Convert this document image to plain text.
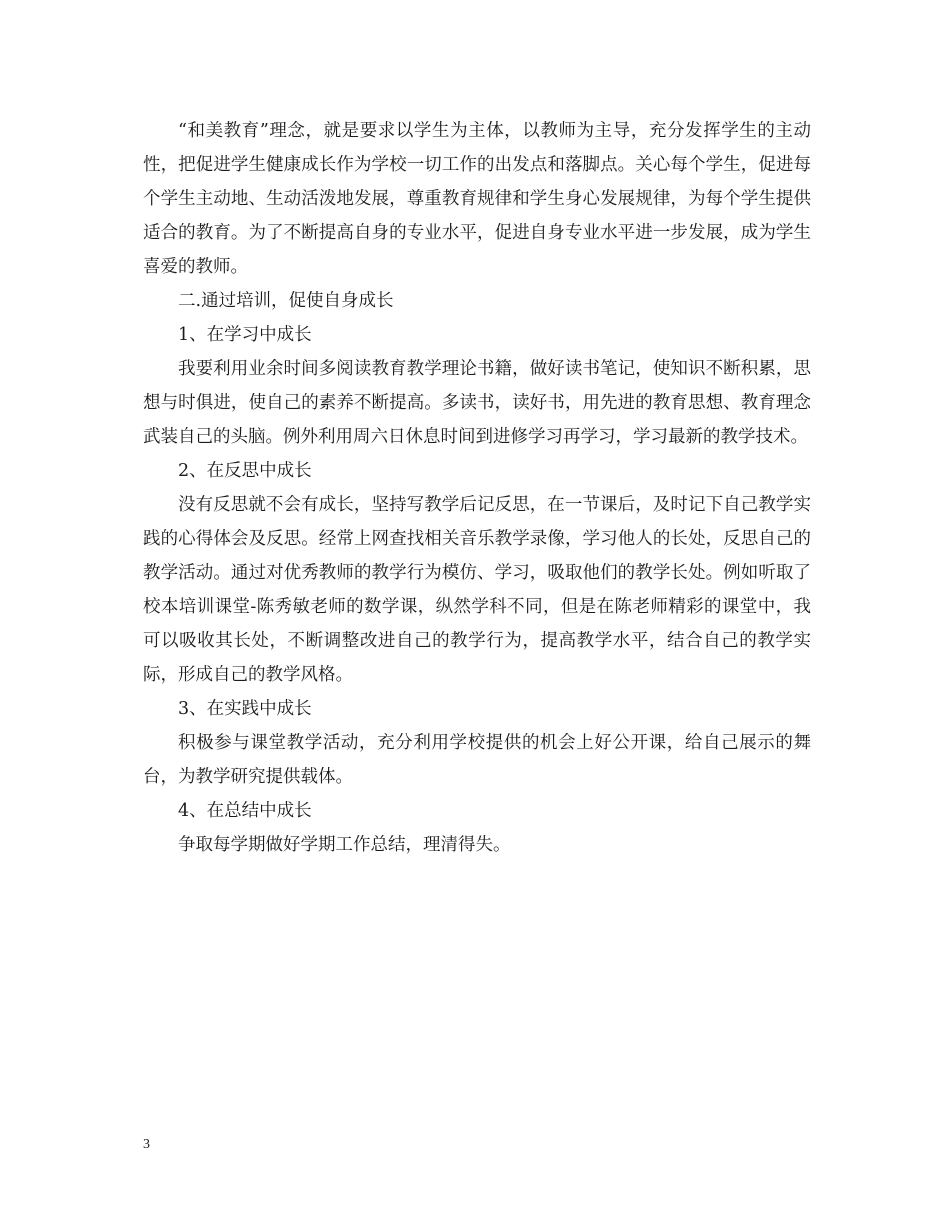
“和美教育”理念，就是要求以学生为主体，以教师为主导，充分发挥学生的主动性，把促进学生健康成长作为学校一切工作的出发点和落脚点。关心每个学生，促进每个学生主动地、生动活泼地发展，尊重教育规律和学生身心发展规律，为每个学生提供适合的教育。为了不断提高自身的专业水平，促进自身专业水平进一步发展，成为学生喜爱的教师。

二.通过培训，促使自身成长

1、在学习中成长

我要利用业余时间多阅读教育教学理论书籍，做好读书笔记，使知识不断积累，思想与时俱进，使自己的素养不断提高。多读书，读好书，用先进的教育思想、教育理念武装自己的头脑。例外利用周六日休息时间到进修学习再学习，学习最新的教学技术。

2、在反思中成长

没有反思就不会有成长，坚持写教学后记反思，在一节课后，及时记下自己教学实践的心得体会及反思。经常上网查找相关音乐教学录像，学习他人的长处，反思自己的教学活动。通过对优秀教师的教学行为模仿、学习，吸取他们的教学长处。例如听取了校本培训课堂-陈秀敏老师的数学课，纵然学科不同，但是在陈老师精彩的课堂中，我可以吸收其长处，不断调整改进自己的教学行为，提高教学水平，结合自己的教学实际，形成自己的教学风格。

3、在实践中成长

积极参与课堂教学活动，充分利用学校提供的机会上好公开课，给自己展示的舞台，为教学研究提供载体。

4、在总结中成长

争取每学期做好学期工作总结，理清得失。

3
